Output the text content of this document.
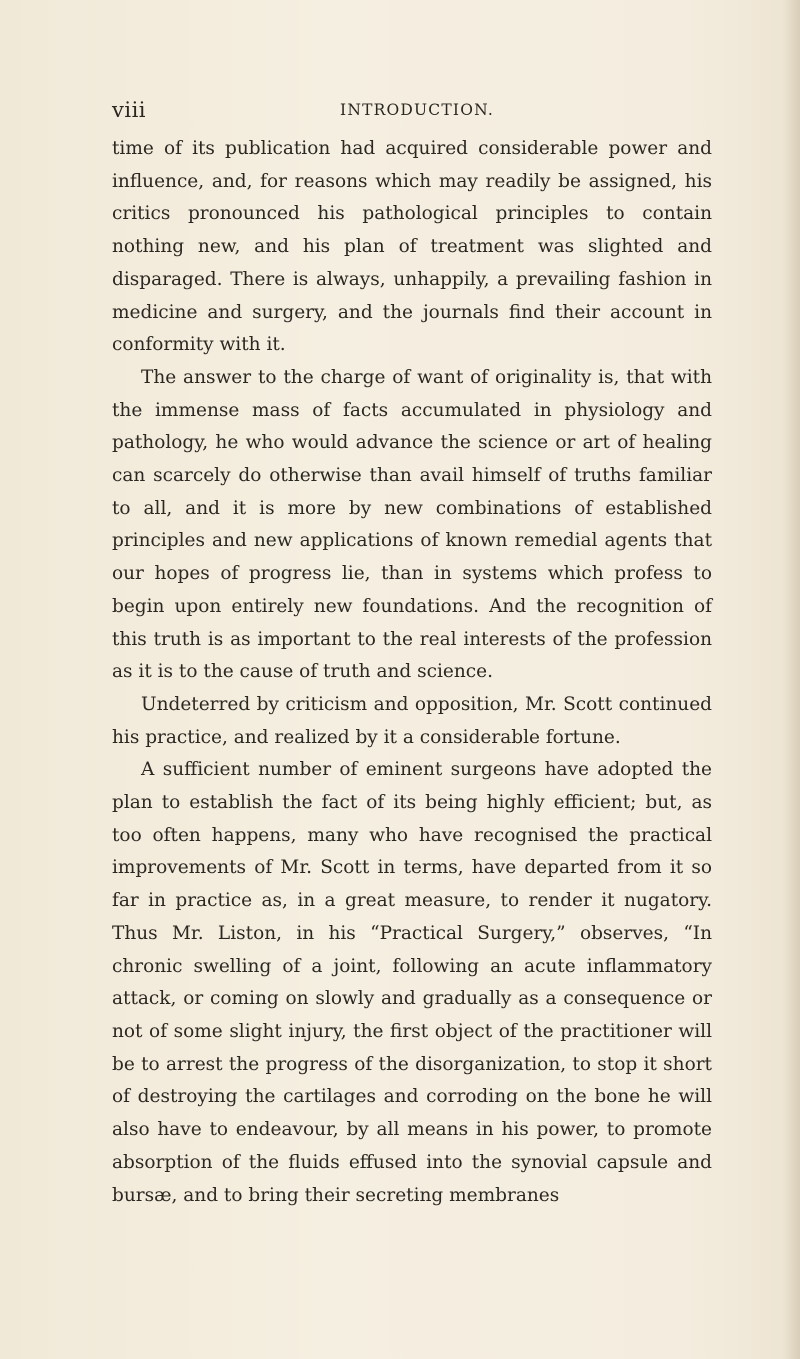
viii	INTRODUCTION.

time of its publication had acquired considerable power and influence, and, for reasons which may readily be assigned, his critics pronounced his pathological principles to contain nothing new, and his plan of treatment was slighted and disparaged. There is always, unhappily, a prevailing fashion in medicine and surgery, and the journals find their account in conformity with it.

The answer to the charge of want of originality is, that with the immense mass of facts accumulated in physiology and pathology, he who would advance the science or art of healing can scarcely do otherwise than avail himself of truths familiar to all, and it is more by new combinations of established principles and new applications of known remedial agents that our hopes of progress lie, than in systems which profess to begin upon entirely new foundations. And the recognition of this truth is as important to the real interests of the profession as it is to the cause of truth and science.

Undeterred by criticism and opposition, Mr. Scott continued his practice, and realized by it a considerable fortune.

A sufficient number of eminent surgeons have adopted the plan to establish the fact of its being highly efficient; but, as too often happens, many who have recognised the practical improvements of Mr. Scott in terms, have departed from it so far in practice as, in a great measure, to render it nugatory. Thus Mr. Liston, in his “Practical Surgery,” observes, “In chronic swelling of a joint, following an acute inflammatory attack, or coming on slowly and gradually as a consequence or not of some slight injury, the first object of the practitioner will be to arrest the progress of the disorganization, to stop it short of destroying the cartilages and corroding on the bone he will also have to endeavour, by all means in his power, to promote absorption of the fluids effused into the synovial capsule and bursæ, and to bring their secreting membranes
